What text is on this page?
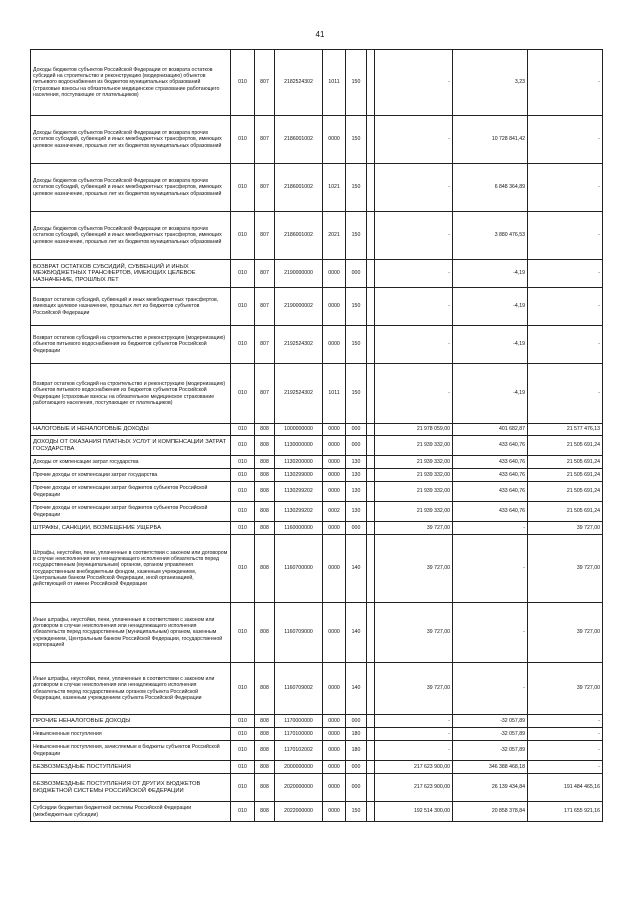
41
Доходы бюджетов субъектов Российской Федерации от возврата остатков субсидий на строительство и реконструкцию (модернизацию) объектов питьевого водоснабжения из бюджетов муниципальных образований (страховые взносы на обязательное медицинское страхование работающего населения, поступающие от плательщиков)	010	807	2182524302	1011	150		-	3,23	-
Доходы бюджетов субъектов Российской Федерации от возврата прочих остатков субсидий, субвенций и иных межбюджетных трансфертов, имеющих целевое назначение, прошлых лет из бюджетов муниципальных образований	010	807	2186001002	0000	150		-	10 728 841,42	-
Доходы бюджетов субъектов Российской Федерации от возврата прочих остатков субсидий, субвенций и иных межбюджетных трансфертов, имеющих целевое назначение, прошлых лет из бюджетов муниципальных образований	010	807	2186001002	1021	150		-	6 848 364,89	-
Доходы бюджетов субъектов Российской Федерации от возврата прочих остатков субсидий, субвенций и иных межбюджетных трансфертов, имеющих целевое назначение, прошлых лет из бюджетов муниципальных образований	010	807	2186001002	2021	150		-	3 880 476,53	-
ВОЗВРАТ ОСТАТКОВ СУБСИДИЙ, СУБВЕНЦИЙ И ИНЫХ МЕЖБЮДЖЕТНЫХ ТРАНСФЕРТОВ, ИМЕЮЩИХ ЦЕЛЕВОЕ НАЗНАЧЕНИЕ, ПРОШЛЫХ ЛЕТ	010	807	2190000000	0000	000		-	-4,19	-
Возврат остатков субсидий, субвенций и иных межбюджетных трансфертов, имеющих целевое назначение, прошлых лет из бюджетов субъектов Российской Федерации	010	807	2190000002	0000	150		-	-4,19	-
Возврат остатков субсидий на строительство и реконструкцию (модернизацию) объектов питьевого водоснабжения из бюджетов субъектов Российской Федерации	010	807	2192524302	0000	150		-	-4,19	-
Возврат остатков субсидий на строительство и реконструкцию (модернизацию) объектов питьевого водоснабжения из бюджетов субъектов Российской Федерации (страховые взносы на обязательное медицинское страхование работающего населения, поступающие от плательщиков)	010	807	2192524302	1011	150		-	-4,19	-
НАЛОГОВЫЕ И НЕНАЛОГОВЫЕ ДОХОДЫ	010	808	1000000000	0000	000		21 978 059,00	401 682,87	21 577 476,13
ДОХОДЫ ОТ ОКАЗАНИЯ ПЛАТНЫХ УСЛУГ И КОМПЕНСАЦИИ ЗАТРАТ ГОСУДАРСТВА	010	808	1130000000	0000	000		21 939 332,00	433 640,76	21 505 691,24
Доходы от компенсации затрат государства	010	808	1130200000	0000	130		21 939 332,00	433 640,76	21 505 691,24
Прочие доходы от компенсации затрат государства	010	808	1130299000	0000	130		21 939 332,00	433 640,76	21 505 691,24
Прочие доходы от компенсации затрат бюджетов субъектов Российской Федерации	010	808	1130299202	0000	130		21 939 332,00	433 640,76	21 505 691,24
Прочие доходы от компенсации затрат бюджетов субъектов Российской Федерации	010	808	1130299202	0002	130		21 939 332,00	433 640,76	21 505 691,24
ШТРАФЫ, САНКЦИИ, ВОЗМЕЩЕНИЕ УЩЕРБА	010	808	1160000000	0000	000		39 727,00	-	39 727,00
Штрафы, неустойки, пени, уплаченные в соответствии с законом или договором в случае неисполнения или ненадлежащего исполнения обязательств перед государственным (муниципальным) органом, органом управления государственным внебюджетным фондом, казенным учреждением, Центральным банком Российской Федерации, иной организацией, действующей от имени Российской Федерации	010	808	1160700000	0000	140		39 727,00	-	39 727,00
Иные штрафы, неустойки, пени, уплаченные в соответствии с законом или договором в случае неисполнения или ненадлежащего исполнения обязательств перед государственным (муниципальным) органом, казенным учреждением, Центральным банком Российской Федерации, государственной корпорацией	010	808	1160709000	0000	140		39 727,00	-	39 727,00
Иные штрафы, неустойки, пени, уплаченные в соответствии с законом или договором в случае неисполнения или ненадлежащего исполнения обязательств перед государственным органом субъекта Российской Федерации, казенным учреждением субъекта Российской Федерации	010	808	1160709002	0000	140		39 727,00	-	39 727,00
ПРОЧИЕ НЕНАЛОГОВЫЕ ДОХОДЫ	010	808	1170000000	0000	000		-	-32 057,89	-
Невыясненные поступления	010	808	1170100000	0000	180		-	-32 057,89	-
Невыясненные поступления, зачисляемые в бюджеты субъектов Российской Федерации	010	808	1170102002	0000	180		-	-32 057,89	-
БЕЗВОЗМЕЗДНЫЕ ПОСТУПЛЕНИЯ	010	808	2000000000	0000	000		217 623 900,00	346 388 468,18	-
БЕЗВОЗМЕЗДНЫЕ ПОСТУПЛЕНИЯ ОТ ДРУГИХ БЮДЖЕТОВ БЮДЖЕТНОЙ СИСТЕМЫ РОССИЙСКОЙ ФЕДЕРАЦИИ	010	808	2020000000	0000	000		217 623 900,00	26 139 434,84	191 484 465,16
Субсидии бюджетам бюджетной системы Российской Федерации (межбюджетные субсидии)	010	808	2022000000	0000	150		192 514 300,00	20 858 378,84	171 655 921,16
